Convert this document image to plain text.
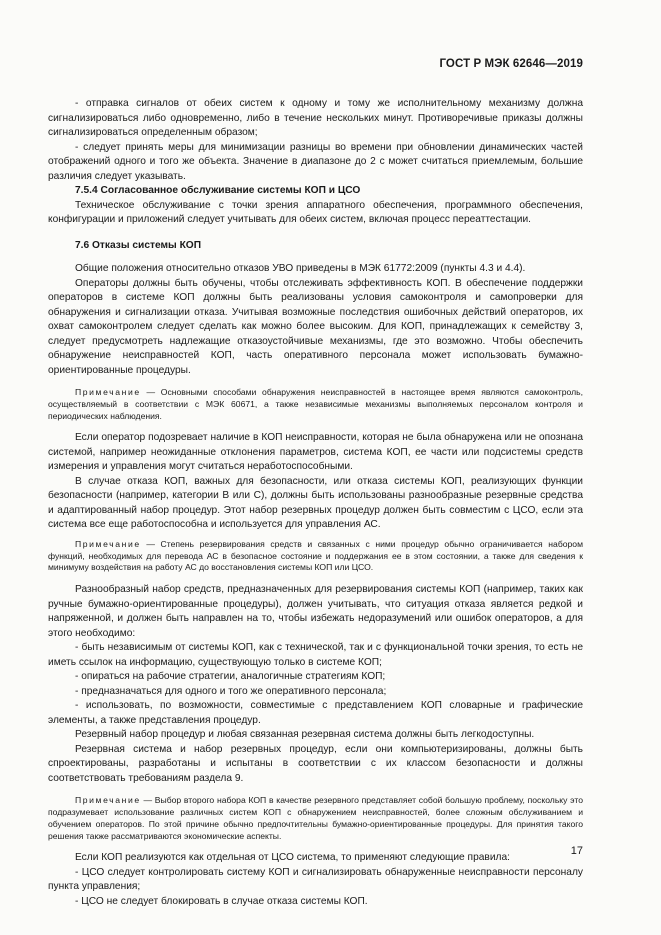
ГОСТ Р МЭК 62646—2019

- отправка сигналов от обеих систем к одному и тому же исполнительному механизму должна сигнализироваться либо одновременно, либо в течение нескольких минут. Противоречивые приказы должны сигнализироваться определенным образом;

- следует принять меры для минимизации разницы во времени при обновлении динамических частей отображений одного и того же объекта. Значение в диапазоне до 2 с может считаться приемлемым, большие различия следует указывать.

7.5.4 Согласованное обслуживание системы КОП и ЦСО

Техническое обслуживание с точки зрения аппаратного обеспечения, программного обеспечения, конфигурации и приложений следует учитывать для обеих систем, включая процесс переаттестации.

7.6 Отказы системы КОП

Общие положения относительно отказов УВО приведены в МЭК 61772:2009 (пункты 4.3 и 4.4).

Операторы должны быть обучены, чтобы отслеживать эффективность КОП. В обеспечение поддержки операторов в системе КОП должны быть реализованы условия самоконтроля и самопроверки для обнаружения и сигнализации отказа. Учитывая возможные последствия ошибочных действий операторов, их охват самоконтролем следует сделать как можно более высоким. Для КОП, принадлежащих к семейству 3, следует предусмотреть надлежащие отказоустойчивые механизмы, где это возможно. Чтобы обеспечить обнаружение неисправностей КОП, часть оперативного персонала может использовать бумажно-ориентированные процедуры.

Примечание — Основными способами обнаружения неисправностей в настоящее время являются самоконтроль, осуществляемый в соответствии с МЭК 60671, а также независимые механизмы выполняемых персоналом контроля и периодических наблюдения.

Если оператор подозревает наличие в КОП неисправности, которая не была обнаружена или не опознана системой, например неожиданные отклонения параметров, система КОП, ее части или подсистемы средств измерения и управления могут считаться неработоспособными.

В случае отказа КОП, важных для безопасности, или отказа системы КОП, реализующих функции безопасности (например, категории В или С), должны быть использованы разнообразные резервные средства и адаптированный набор процедур. Этот набор резервных процедур должен быть совместим с ЦСО, если эта система все еще работоспособна и используется для управления АС.

Примечание — Степень резервирования средств и связанных с ними процедур обычно ограничивается набором функций, необходимых для перевода АС в безопасное состояние и поддержания ее в этом состоянии, а также для сведения к минимуму воздействия на работу АС до восстановления системы КОП или ЦСО.

Разнообразный набор средств, предназначенных для резервирования системы КОП (например, таких как ручные бумажно-ориентированные процедуры), должен учитывать, что ситуация отказа является редкой и напряженной, и должен быть направлен на то, чтобы избежать недоразумений или ошибок операторов, а для этого необходимо:

- быть независимым от системы КОП, как с технической, так и с функциональной точки зрения, то есть не иметь ссылок на информацию, существующую только в системе КОП;

- опираться на рабочие стратегии, аналогичные стратегиям КОП;

- предназначаться для одного и того же оперативного персонала;

- использовать, по возможности, совместимые с представлением КОП словарные и графические элементы, а также представления процедур.

Резервный набор процедур и любая связанная резервная система должны быть легкодоступны.

Резервная система и набор резервных процедур, если они компьютеризированы, должны быть спроектированы, разработаны и испытаны в соответствии с их классом безопасности и должны соответствовать требованиям раздела 9.

Примечание — Выбор второго набора КОП в качестве резервного представляет собой большую проблему, поскольку это подразумевает использование различных систем КОП с обнаружением неисправностей, более сложным обслуживанием и обучением операторов. По этой причине обычно предпочтительны бумажно-ориентированные процедуры. Для принятия такого решения также рассматриваются экономические аспекты.

Если КОП реализуются как отдельная от ЦСО система, то применяют следующие правила:

- ЦСО следует контролировать систему КОП и сигнализировать обнаруженные неисправности персоналу пункта управления;

- ЦСО не следует блокировать в случае отказа системы КОП.

17
